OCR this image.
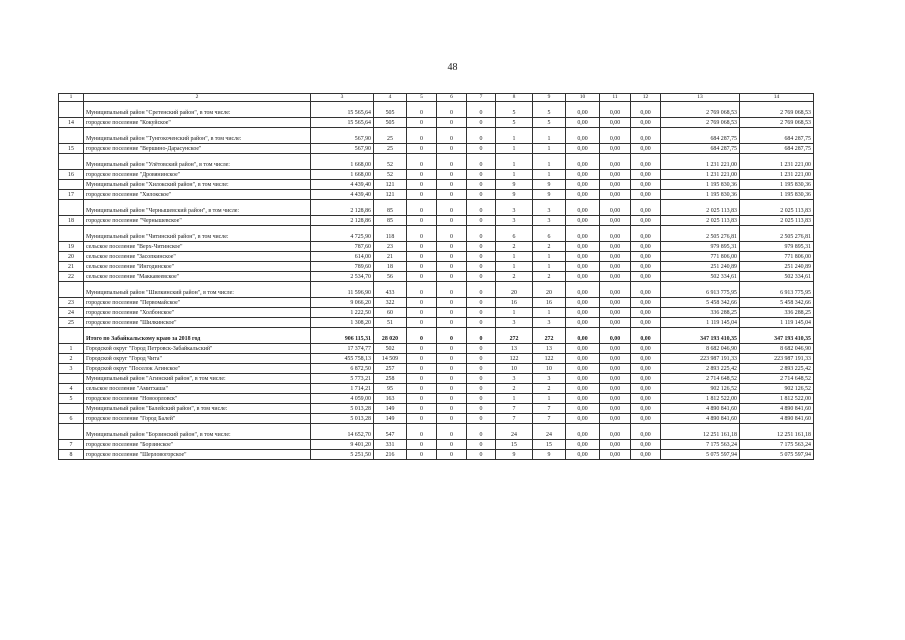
48
1	2	3	4	5	6	7	8	9	10	11	12	13	14
	Муниципальный район "Сретенский район", в том числе:	15 565,64	505	0	0	0	5	5	0,00	0,00	0,00	2 769 068,53	2 769 068,53
14	городское поселение "Кокуйское"	15 565,64	505	0	0	0	5	5	0,00	0,00	0,00	2 769 068,53	2 769 068,53
	Муниципальный район "Тунгокоченский район", в том числе:	567,90	25	0	0	0	1	1	0,00	0,00	0,00	684 287,75	684 287,75
15	городское поселение "Вершино-Дарасунское"	567,90	25	0	0	0	1	1	0,00	0,00	0,00	684 287,75	684 287,75
	Муниципальный район "Улётовский район", в том числе:	1 668,00	52	0	0	0	1	1	0,00	0,00	0,00	1 231 221,00	1 231 221,00
16	городское поселение "Дровянинское"	1 668,00	52	0	0	0	1	1	0,00	0,00	0,00	1 231 221,00	1 231 221,00
	Муниципальный район "Хилокский район", в том числе:	4 439,40	121	0	0	0	9	9	0,00	0,00	0,00	1 195 830,36	1 195 830,36
17	городское поселение "Хилокское"	4 439,40	121	0	0	0	9	9	0,00	0,00	0,00	1 195 830,36	1 195 830,36
	Муниципальный район "Чернышевский район", в том числе:	2 128,86	85	0	0	0	3	3	0,00	0,00	0,00	2 025 113,83	2 025 113,83
18	городское поселение "Чернышевское"	2 128,86	85	0	0	0	3	3	0,00	0,00	0,00	2 025 113,83	2 025 113,83
	Муниципальный район "Читинский район", в том числе:	4 725,90	118	0	0	0	6	6	0,00	0,00	0,00	2 505 276,81	2 505 276,81
19	сельское поселение "Верх-Читинское"	787,60	23	0	0	0	2	2	0,00	0,00	0,00	979 895,31	979 895,31
20	сельское поселение "Засопкинское"	614,00	21	0	0	0	1	1	0,00	0,00	0,00	771 806,00	771 806,00
21	сельское поселение "Ингодинское"	789,60	18	0	0	0	1	1	0,00	0,00	0,00	251 240,89	251 240,89
22	сельское поселение "Маккавеевское"	2 534,70	56	0	0	0	2	2	0,00	0,00	0,00	502 334,61	502 334,61
	Муниципальный район "Шилкинский район", в том числе:	11 596,90	433	0	0	0	20	20	0,00	0,00	0,00	6 913 775,95	6 913 775,95
23	городское поселение "Первомайское"	9 066,20	322	0	0	0	16	16	0,00	0,00	0,00	5 458 342,66	5 458 342,66
24	городское поселение "Холбонское"	1 222,50	60	0	0	0	1	1	0,00	0,00	0,00	336 288,25	336 288,25
25	городское поселение "Шилкинское"	1 308,20	51	0	0	0	3	3	0,00	0,00	0,00	1 119 145,04	1 119 145,04
	Итого по Забайкальскому краю за 2018 год	906 115,31	28 020	0	0	0	272	272	0,00	0,00	0,00	347 193 410,35	347 193 410,35
1	Городской округ "Город Петровск-Забайкальский"	17 374,77	502	0	0	0	13	13	0,00	0,00	0,00	8 682 046,90	8 682 046,90
2	Городской округ "Город Чита"	455 758,13	14 509	0	0	0	122	122	0,00	0,00	0,00	223 987 191,33	223 987 191,33
3	Городской округ "Поселок Агинское"	6 872,50	257	0	0	0	10	10	0,00	0,00	0,00	2 893 225,42	2 893 225,42
	Муниципальный район "Агинский район", в том числе:	5 773,21	258	0	0	0	3	3	0,00	0,00	0,00	2 714 648,52	2 714 648,52
4	сельское поселение "Амитхаша"	1 714,21	95	0	0	0	2	2	0,00	0,00	0,00	902 126,52	902 126,52
5	городское поселение "Новоорловск"	4 059,00	163	0	0	0	1	1	0,00	0,00	0,00	1 812 522,00	1 812 522,00
	Муниципальный район "Балейский район", в том числе:	5 013,28	149	0	0	0	7	7	0,00	0,00	0,00	4 890 841,60	4 890 841,60
6	городское поселение "Город Балей"	5 013,28	149	0	0	0	7	7	0,00	0,00	0,00	4 890 841,60	4 890 841,60
	Муниципальный район "Борзинский район", в том числе:	14 652,70	547	0	0	0	24	24	0,00	0,00	0,00	12 251 161,18	12 251 161,18
7	городское поселение "Борзинское"	9 401,20	331	0	0	0	15	15	0,00	0,00	0,00	7 175 563,24	7 175 563,24
8	городское поселение "Шерловогорское"	5 251,50	216	0	0	0	9	9	0,00	0,00	0,00	5 075 597,94	5 075 597,94
